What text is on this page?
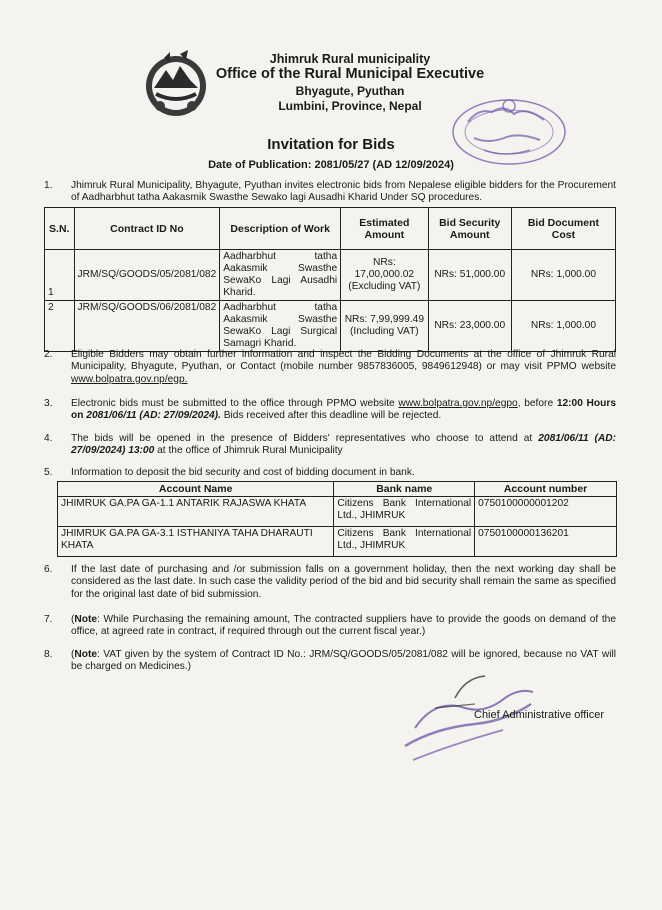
Jhimruk Rural municipality
Office of the Rural Municipal Executive
Bhyagute, Pyuthan
Lumbini, Province, Nepal
Invitation for Bids
Date of Publication: 2081/05/27 (AD 12/09/2024)
1.	Jhimruk Rural Municipality, Bhyagute, Pyuthan invites electronic bids from Nepalese eligible bidders for the Procurement of Aadharbhut tatha Aakasmik Swasthe Sewako lagi Ausadhi Kharid Under SQ procedures.
S.N.	Contract ID No	Description of Work	Estimated Amount	Bid Security Amount	Bid Document Cost
1	JRM/SQ/GOODS/05/2081/082	Aadharbhut tatha Aakasmik Swasthe SewaKo Lagi Ausadhi Kharid.	NRs: 17,00,000.02 (Excluding VAT)	NRs: 51,000.00	NRs: 1,000.00
2	JRM/SQ/GOODS/06/2081/082	Aadharbhut tatha Aakasmik Swasthe SewaKo Lagi Surgical Samagri Kharid.	NRs: 7,99,999.49 (Including VAT)	NRs: 23,000.00	NRs: 1,000.00
2.	Eligible Bidders may obtain further information and inspect the Bidding Documents at the office of Jhimruk Rural Municipality, Bhyagute, Pyuthan, or Contact (mobile number 9857836005, 9849612948) or may visit PPMO website www.bolpatra.gov.np/egp.
3.	Electronic bids must be submitted to the office through PPMO website www.bolpatra.gov.np/egpo, before 12:00 Hours on 2081/06/11 (AD: 27/09/2024). Bids received after this deadline will be rejected.
4.	The bids will be opened in the presence of Bidders' representatives who choose to attend at 2081/06/11 (AD: 27/09/2024) 13:00 at the office of Jhimruk Rural Municipality
5.	Information to deposit the bid security and cost of bidding document in bank.
Account Name	Bank name	Account number
JHIMRUK GA.PA GA-1.1 ANTARIK RAJASWA KHATA	Citizens Bank International Ltd., JHIMRUK	0750100000001202
JHIMRUK GA.PA GA-3.1 ISTHANIYA TAHA DHARAUTI KHATA	Citizens Bank International Ltd., JHIMRUK	0750100000136201
6.	If the last date of purchasing and /or submission falls on a government holiday, then the next working day shall be considered as the last date. In such case the validity period of the bid and bid security shall remain the same as specified for the original last date of bid submission.
7.	(Note: While Purchasing the remaining amount, The contracted suppliers have to provide the goods on demand of the office, at agreed rate in contract, if required through out the current fiscal year.)
8.	(Note: VAT given by the system of Contract ID No.: JRM/SQ/GOODS/05/2081/082 will be ignored, because no VAT will be charged on Medicines.)
Chief Administrative officer
